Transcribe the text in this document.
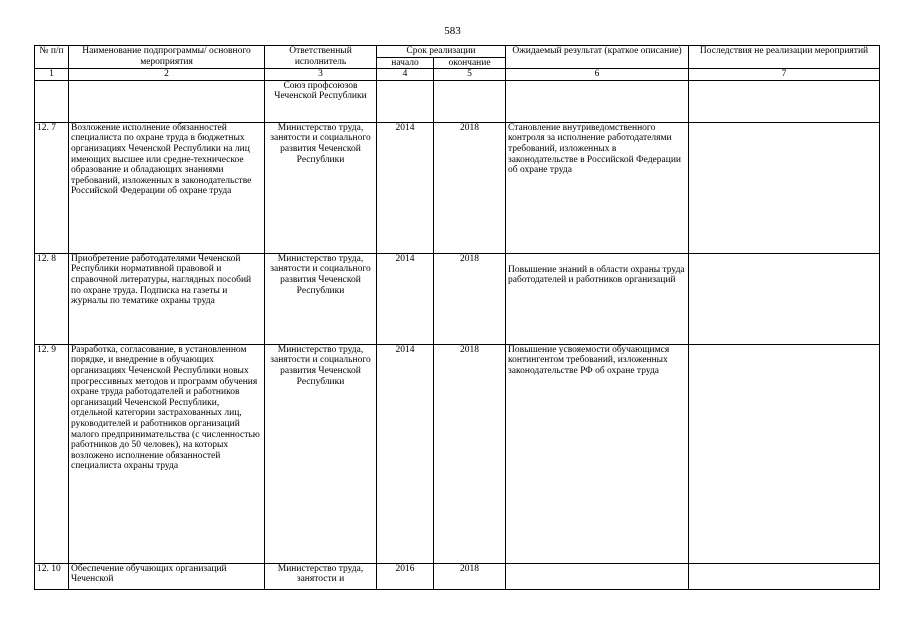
583
№ п/п	Наименование подпрограммы/ основного мероприятия	Ответственный исполнитель	Срок реализации		Ожидаемый результат (краткое описание)	Последствия не реализации мероприятий
			начало	окончание		
1	2	3	4	5	6	7
		Союз профсоюзов Чеченской Республики				
12. 7	Возложение исполнение обязанностей специалиста по охране труда в бюджетных организациях Чеченской Республики на лиц имеющих высшее или средне-техническое образование и обладающих знаниями требований, изложенных в законодательстве Российской Федерации об охране труда	Министерство труда, занятости и социального развития Чеченской Республики	2014	2018	Становление внутриведомственного контроля за исполнение работодателями требований, изложенных в законодательстве в Российской Федерации об охране труда	
12. 8	Приобретение работодателями Чеченской Республики нормативной правовой и справочной литературы, наглядных пособий по охране труда. Подписка на газеты и журналы по тематике охраны труда	Министерство труда, занятости и социального развития Чеченской Республики	2014	2018	Повышение знаний в области охраны труда работодателей и работников организаций	
12. 9	Разработка, согласование, в установленном порядке, и внедрение в обучающих организациях Чеченской Республики новых прогрессивных методов и программ обучения охране труда работодателей и работников организаций Чеченской Республики, отдельной категории застрахованных лиц, руководителей и работников организаций малого предпринимательства (с численностью работников до 50 человек), на которых возложено исполнение обязанностей специалиста охраны труда	Министерство труда, занятости и социального развития Чеченской Республики	2014	2018	Повышение усвояемости обучающимся контингентом требований, изложенных законодательстве РФ об охране труда	
12. 10	Обеспечение обучающих организаций Чеченской	Министерство труда, занятости и	2016	2018		
